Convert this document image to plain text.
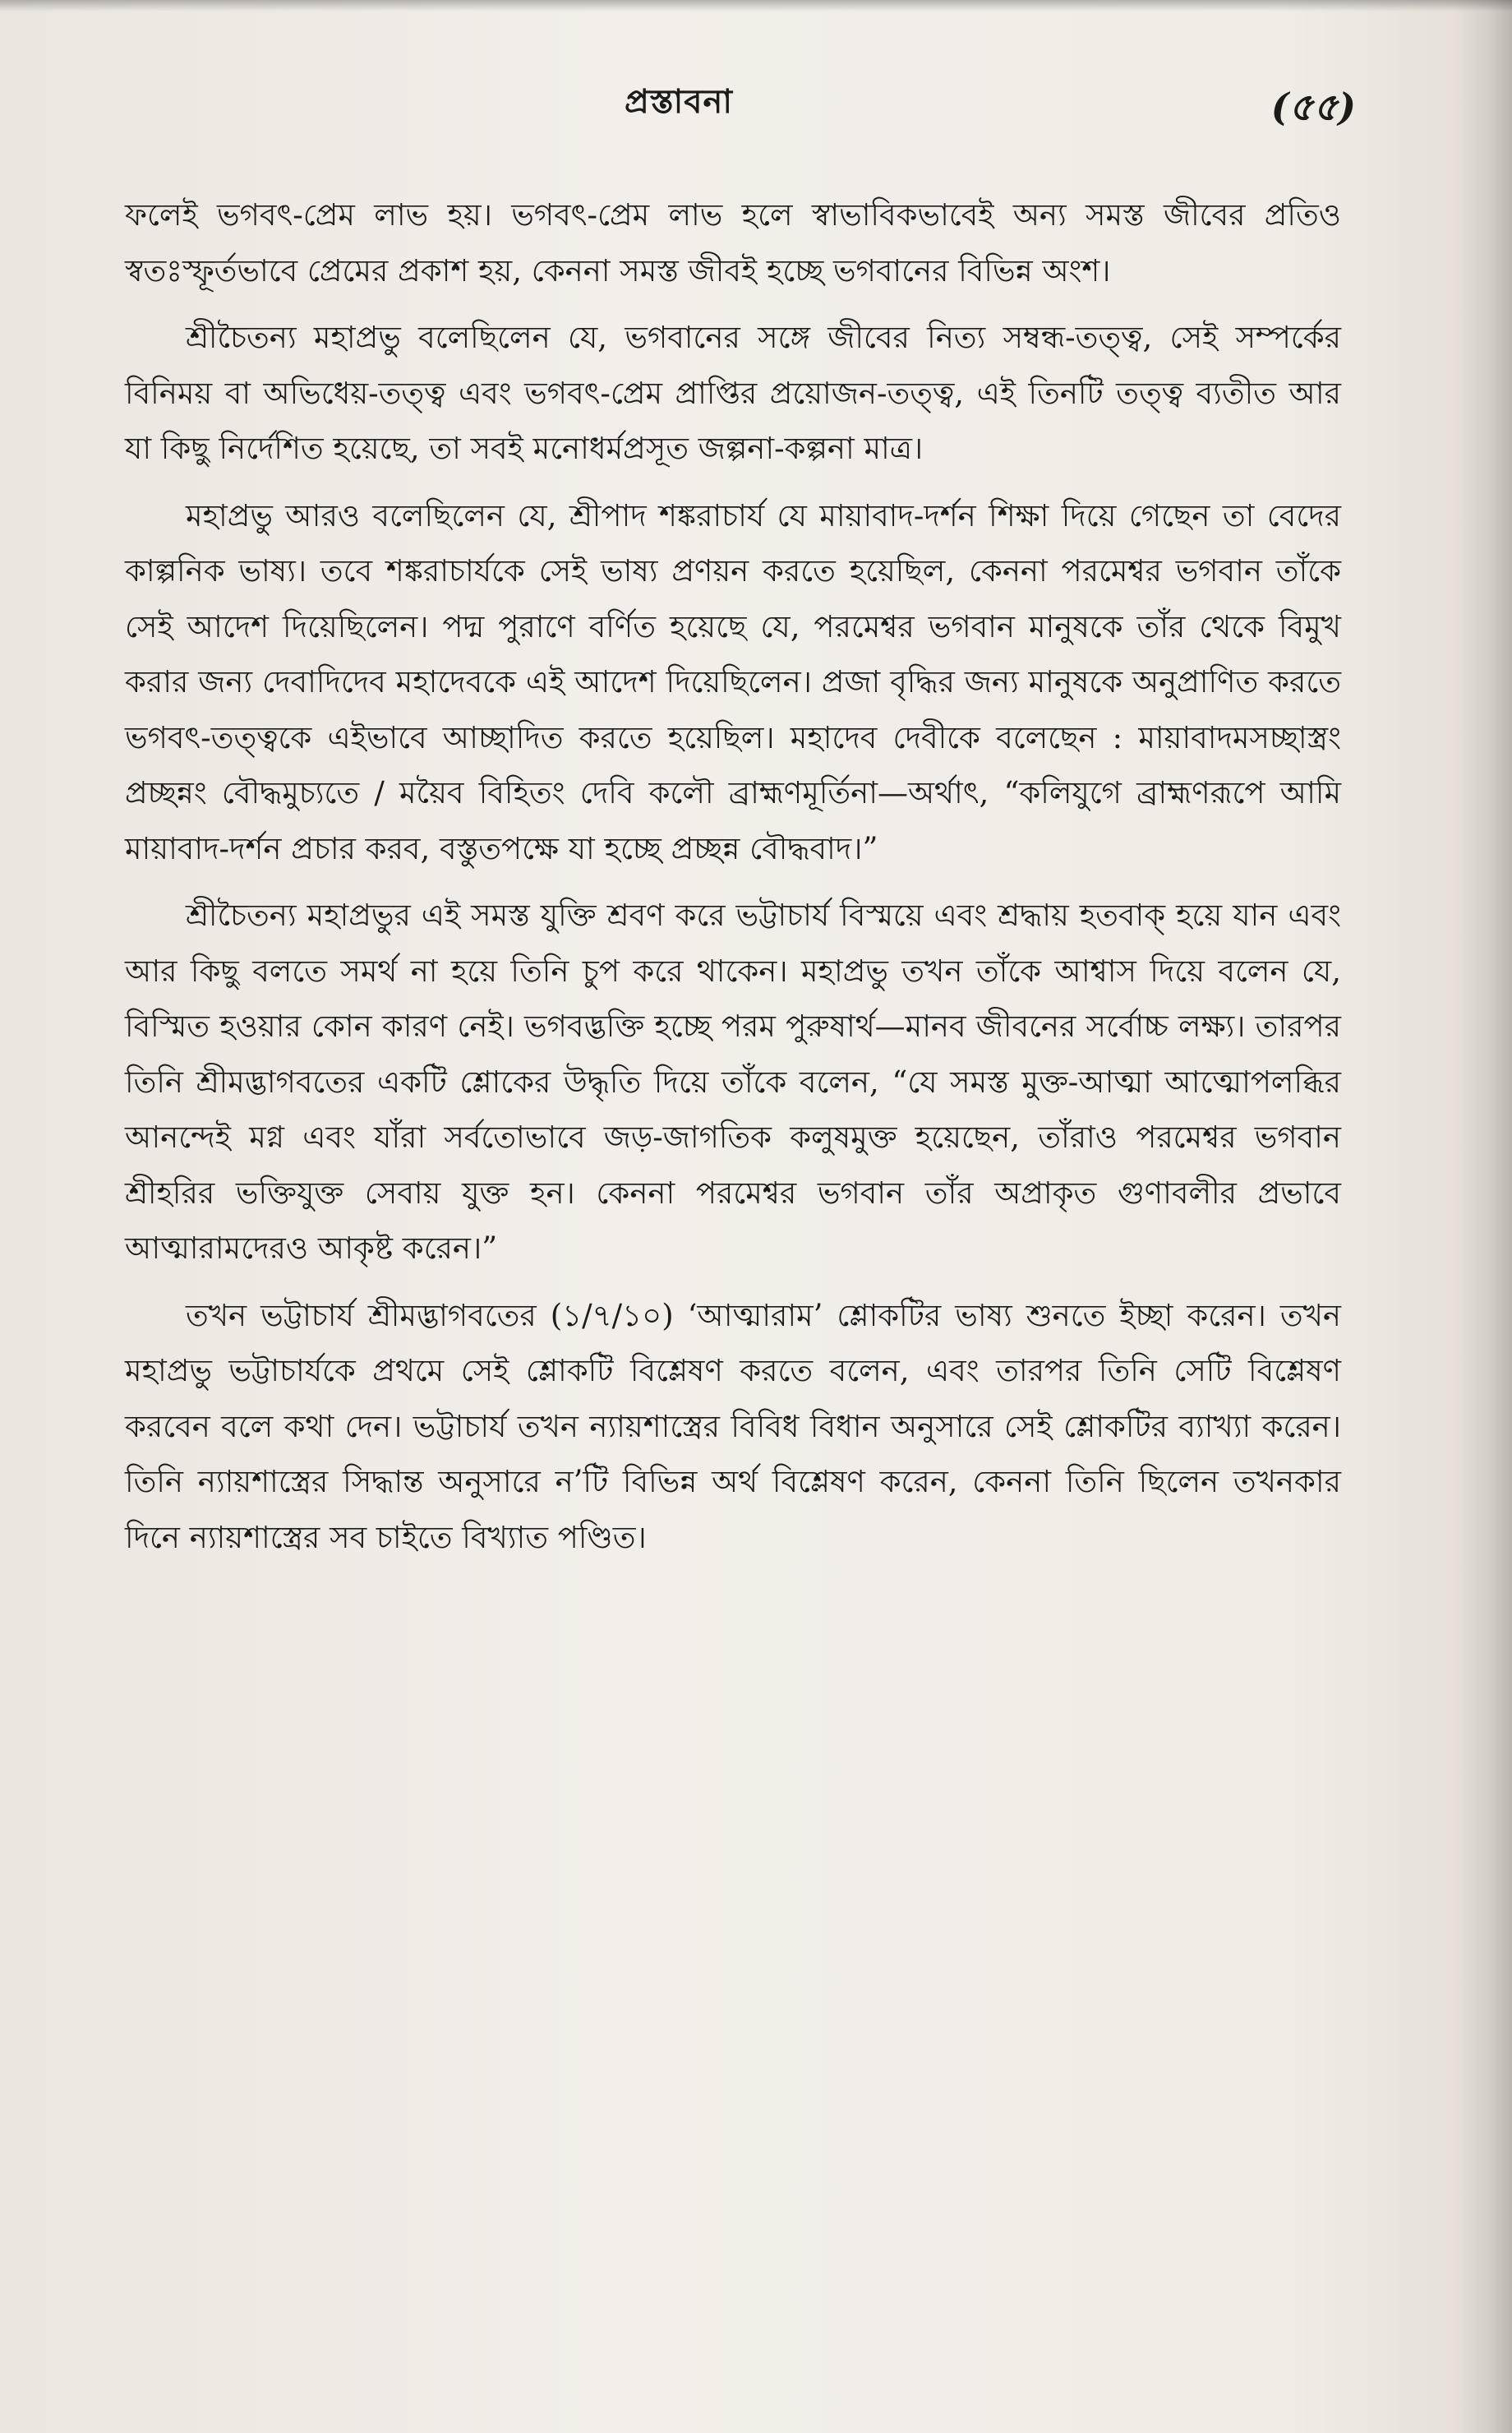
প্রস্তাবনা	(৫৫)

ফলেই ভগবৎ-প্রেম লাভ হয়। ভগবৎ-প্রেম লাভ হলে স্বাভাবিকভাবেই অন্য সমস্ত জীবের প্রতিও স্বতঃস্ফূর্তভাবে প্রেমের প্রকাশ হয়, কেননা সমস্ত জীবই হচ্ছে ভগবানের বিভিন্ন অংশ।

শ্রীচৈতন্য মহাপ্রভু বলেছিলেন যে, ভগবানের সঙ্গে জীবের নিত্য সম্বন্ধ-তত্ত্ব, সেই সম্পর্কের বিনিময় বা অভিধেয়-তত্ত্ব এবং ভগবৎ-প্রেম প্রাপ্তির প্রয়োজন-তত্ত্ব, এই তিনটি তত্ত্ব ব্যতীত আর যা কিছু নির্দেশিত হয়েছে, তা সবই মনোধর্মপ্রসূত জল্পনা-কল্পনা মাত্র।

মহাপ্রভু আরও বলেছিলেন যে, শ্রীপাদ শঙ্করাচার্য যে মায়াবাদ-দর্শন শিক্ষা দিয়ে গেছেন তা বেদের কাল্পনিক ভাষ্য। তবে শঙ্করাচার্যকে সেই ভাষ্য প্রণয়ন করতে হয়েছিল, কেননা পরমেশ্বর ভগবান তাঁকে সেই আদেশ দিয়েছিলেন। পদ্ম পুরাণে বর্ণিত হয়েছে যে, পরমেশ্বর ভগবান মানুষকে তাঁর থেকে বিমুখ করার জন্য দেবাদিদেব মহাদেবকে এই আদেশ দিয়েছিলেন। প্রজা বৃদ্ধির জন্য মানুষকে অনুপ্রাণিত করতে ভগবৎ-তত্ত্বকে এইভাবে আচ্ছাদিত করতে হয়েছিল। মহাদেব দেবীকে বলেছেন : মায়াবাদমসচ্ছাস্ত্রং প্রচ্ছন্নং বৌদ্ধমুচ্যতে / ময়ৈব বিহিতং দেবি কলৌ ব্রাহ্মণমূর্তিনা—অর্থাৎ, “কলিযুগে ব্রাহ্মণরূপে আমি মায়াবাদ-দর্শন প্রচার করব, বস্তুতপক্ষে যা হচ্ছে প্রচ্ছন্ন বৌদ্ধবাদ।”

শ্রীচৈতন্য মহাপ্রভুর এই সমস্ত যুক্তি শ্রবণ করে ভট্টাচার্য বিস্ময়ে এবং শ্রদ্ধায় হতবাক্ হয়ে যান এবং আর কিছু বলতে সমর্থ না হয়ে তিনি চুপ করে থাকেন। মহাপ্রভু তখন তাঁকে আশ্বাস দিয়ে বলেন যে, বিস্মিত হওয়ার কোন কারণ নেই। ভগবদ্ভক্তি হচ্ছে পরম পুরুষার্থ—মানব জীবনের সর্বোচ্চ লক্ষ্য। তারপর তিনি শ্রীমদ্ভাগবতের একটি শ্লোকের উদ্ধৃতি দিয়ে তাঁকে বলেন, “যে সমস্ত মুক্ত-আত্মা আত্মোপলব্ধির আনন্দেই মগ্ন এবং যাঁরা সর্বতোভাবে জড়-জাগতিক কলুষমুক্ত হয়েছেন, তাঁরাও পরমেশ্বর ভগবান শ্রীহরির ভক্তিযুক্ত সেবায় যুক্ত হন। কেননা পরমেশ্বর ভগবান তাঁর অপ্রাকৃত গুণাবলীর প্রভাবে আত্মারামদেরও আকৃষ্ট করেন।”

তখন ভট্টাচার্য শ্রীমদ্ভাগবতের (১/৭/১০) ‘আত্মারাম’ শ্লোকটির ভাষ্য শুনতে ইচ্ছা করেন। তখন মহাপ্রভু ভট্টাচার্যকে প্রথমে সেই শ্লোকটি বিশ্লেষণ করতে বলেন, এবং তারপর তিনি সেটি বিশ্লেষণ করবেন বলে কথা দেন। ভট্টাচার্য তখন ন্যায়শাস্ত্রের বিবিধ বিধান অনুসারে সেই শ্লোকটির ব্যাখ্যা করেন। তিনি ন্যায়শাস্ত্রের সিদ্ধান্ত অনুসারে ন’টি বিভিন্ন অর্থ বিশ্লেষণ করেন, কেননা তিনি ছিলেন তখনকার দিনে ন্যায়শাস্ত্রের সব চাইতে বিখ্যাত পণ্ডিত।
